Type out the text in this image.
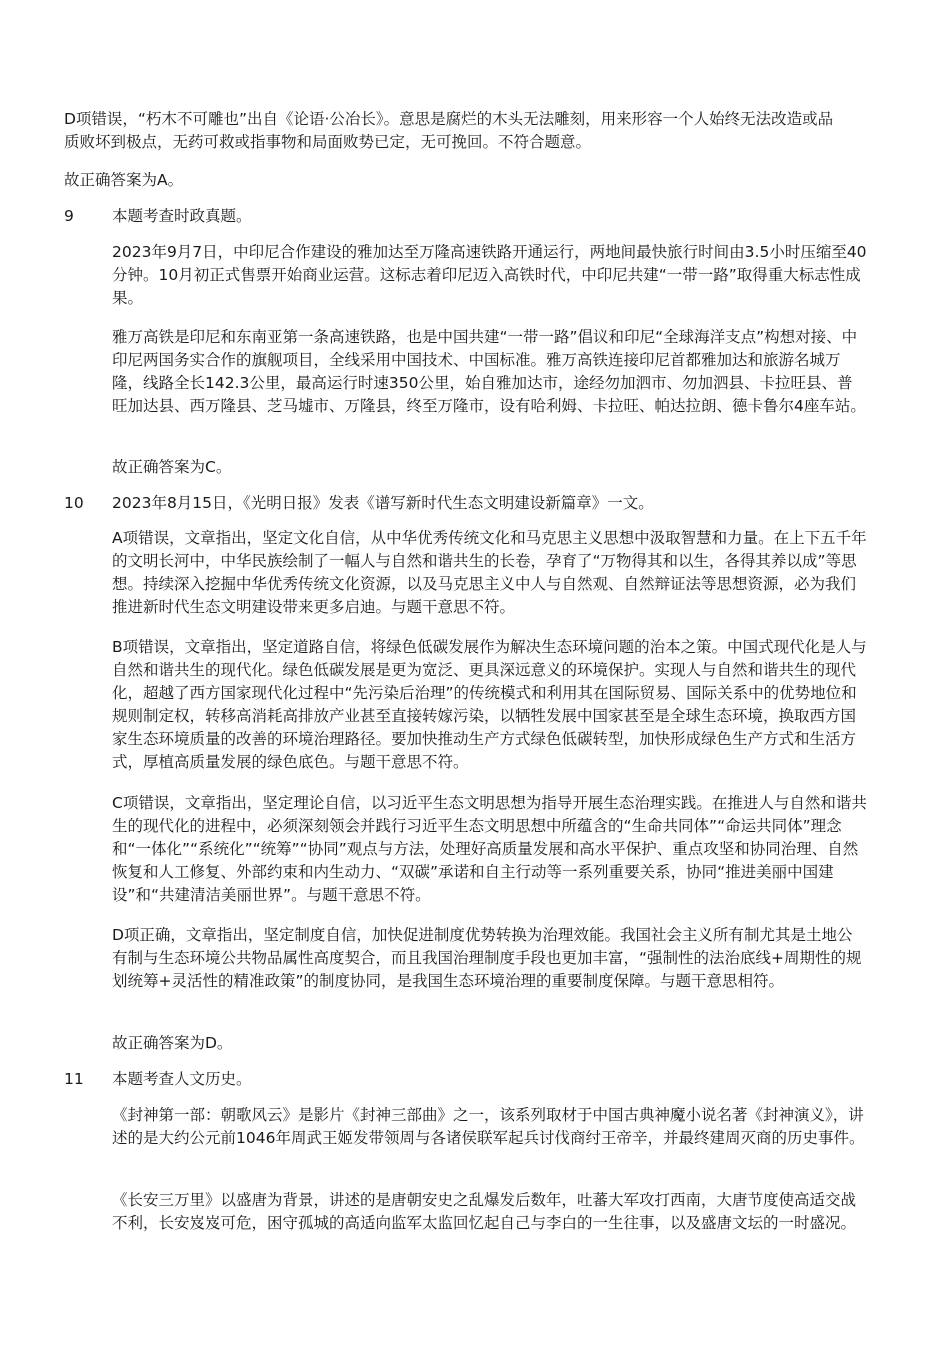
D项错误，“朽木不可雕也”出自《论语·公冶长》。意思是腐烂的木头无法雕刻，用来形容一个人始终无法改造或品质败坏到极点，无药可救或指事物和局面败势已定，无可挽回。不符合题意。

故正确答案为A。

9	本题考查时政真题。

2023年9月7日，中印尼合作建设的雅加达至万隆高速铁路开通运行，两地间最快旅行时间由3.5小时压缩至40分钟。10月初正式售票开始商业运营。这标志着印尼迈入高铁时代，中印尼共建“一带一路”取得重大标志性成果。

雅万高铁是印尼和东南亚第一条高速铁路，也是中国共建“一带一路”倡议和印尼“全球海洋支点”构想对接、中印尼两国务实合作的旗舰项目，全线采用中国技术、中国标准。雅万高铁连接印尼首都雅加达和旅游名城万隆，线路全长142.3公里，最高运行时速350公里，始自雅加达市，途经勿加泗市、勿加泗县、卡拉旺县、普旺加达县、西万隆县、芝马墟市、万隆县，终至万隆市，设有哈利姆、卡拉旺、帕达拉朗、德卡鲁尔4座车站。

故正确答案为C。

10	2023年8月15日，《光明日报》发表《谱写新时代生态文明建设新篇章》一文。

A项错误，文章指出，坚定文化自信，从中华优秀传统文化和马克思主义思想中汲取智慧和力量。在上下五千年的文明长河中，中华民族绘制了一幅人与自然和谐共生的长卷，孕育了“万物得其和以生，各得其养以成”等思想。持续深入挖掘中华优秀传统文化资源，以及马克思主义中人与自然观、自然辩证法等思想资源，必为我们推进新时代生态文明建设带来更多启迪。与题干意思不符。

B项错误，文章指出，坚定道路自信，将绿色低碳发展作为解决生态环境问题的治本之策。中国式现代化是人与自然和谐共生的现代化。绿色低碳发展是更为宽泛、更具深远意义的环境保护。实现人与自然和谐共生的现代化，超越了西方国家现代化过程中“先污染后治理”的传统模式和利用其在国际贸易、国际关系中的优势地位和规则制定权，转移高消耗高排放产业甚至直接转嫁污染，以牺牲发展中国家甚至是全球生态环境，换取西方国家生态环境质量的改善的环境治理路径。要加快推动生产方式绿色低碳转型，加快形成绿色生产方式和生活方式，厚植高质量发展的绿色底色。与题干意思不符。

C项错误，文章指出，坚定理论自信，以习近平生态文明思想为指导开展生态治理实践。在推进人与自然和谐共生的现代化的进程中，必须深刻领会并践行习近平生态文明思想中所蕴含的“生命共同体”“命运共同体”理念和“一体化”“系统化”“统筹”“协同”观点与方法，处理好高质量发展和高水平保护、重点攻坚和协同治理、自然恢复和人工修复、外部约束和内生动力、“双碳”承诺和自主行动等一系列重要关系，协同“推进美丽中国建设”和“共建清洁美丽世界”。与题干意思不符。

D项正确，文章指出，坚定制度自信，加快促进制度优势转换为治理效能。我国社会主义所有制尤其是土地公有制与生态环境公共物品属性高度契合，而且我国治理制度手段也更加丰富，“强制性的法治底线+周期性的规划统筹+灵活性的精准政策”的制度协同，是我国生态环境治理的重要制度保障。与题干意思相符。

故正确答案为D。

11	本题考查人文历史。

《封神第一部：朝歌风云》是影片《封神三部曲》之一，该系列取材于中国古典神魔小说名著《封神演义》，讲述的是大约公元前1046年周武王姬发带领周与各诸侯联军起兵讨伐商纣王帝辛，并最终建周灭商的历史事件。

《长安三万里》以盛唐为背景，讲述的是唐朝安史之乱爆发后数年，吐蕃大军攻打西南，大唐节度使高适交战不利，长安岌岌可危，困守孤城的高适向监军太监回忆起自己与李白的一生往事，以及盛唐文坛的一时盛况。
